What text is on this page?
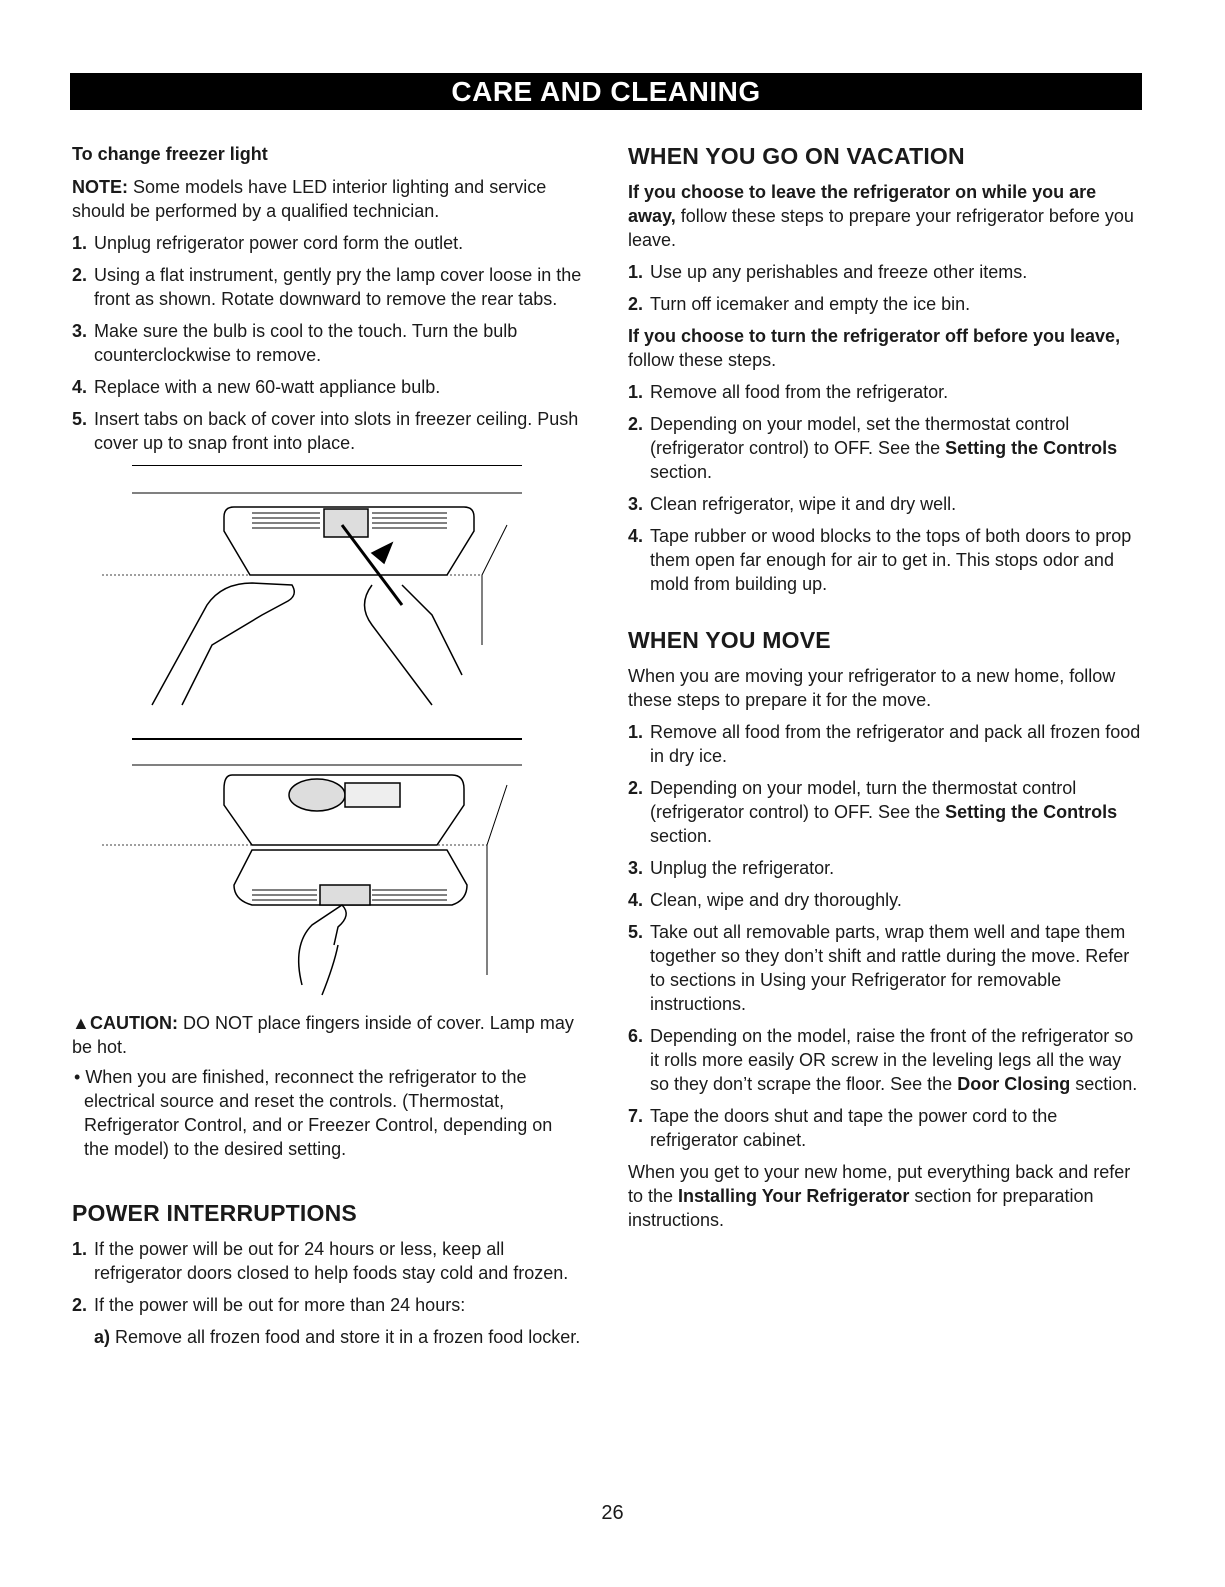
CARE AND CLEANING

To change freezer light

NOTE: Some models have LED interior lighting and service should be performed by a qualified technician.

1. Unplug refrigerator power cord form the outlet.
2. Using a flat instrument, gently pry the lamp cover loose in the front as shown. Rotate downward to remove the rear tabs.
3. Make sure the bulb is cool to the touch. Turn the bulb counterclockwise to remove.
4. Replace with a new 60-watt appliance bulb.
5. Insert tabs on back of cover into slots in freezer ceiling. Push cover up to snap front into place.

▲CAUTION: DO NOT place fingers inside of cover. Lamp may be hot.

• When you are finished, reconnect the refrigerator to the electrical source and reset the controls. (Thermostat, Refrigerator Control, and or Freezer Control, depending on the model) to the desired setting.

POWER INTERRUPTIONS

1. If the power will be out for 24 hours or less, keep all refrigerator doors closed to help foods stay cold and frozen.
2. If the power will be out for more than 24 hours:

a) Remove all frozen food and store it in a frozen food locker.

WHEN YOU GO ON VACATION

If you choose to leave the refrigerator on while you are away, follow these steps to prepare your refrigerator before you leave.

1. Use up any perishables and freeze other items.
2. Turn off icemaker and empty the ice bin.

If you choose to turn the refrigerator off before you leave, follow these steps.

1. Remove all food from the refrigerator.
2. Depending on your model, set the thermostat control (refrigerator control) to OFF. See the Setting the Controls section.
3. Clean refrigerator, wipe it and dry well.
4. Tape rubber or wood blocks to the tops of both doors to prop them open far enough for air to get in. This stops odor and mold from building up.

WHEN YOU MOVE

When you are moving your refrigerator to a new home, follow these steps to prepare it for the move.

1. Remove all food from the refrigerator and pack all frozen food in dry ice.
2. Depending on your model, turn the thermostat control (refrigerator control) to OFF. See the Setting the Controls section.
3. Unplug the refrigerator.
4. Clean, wipe and dry thoroughly.
5. Take out all removable parts, wrap them well and tape them together so they don’t shift and rattle during the move. Refer to sections in Using your Refrigerator for removable instructions.
6. Depending on the model, raise the front of the refrigerator so it rolls more easily OR screw in the leveling legs all the way so they don’t scrape the floor. See the Door Closing section.
7. Tape the doors shut and tape the power cord to the refrigerator cabinet.

When you get to your new home, put everything back and refer to the Installing Your Refrigerator section for preparation instructions.

26
